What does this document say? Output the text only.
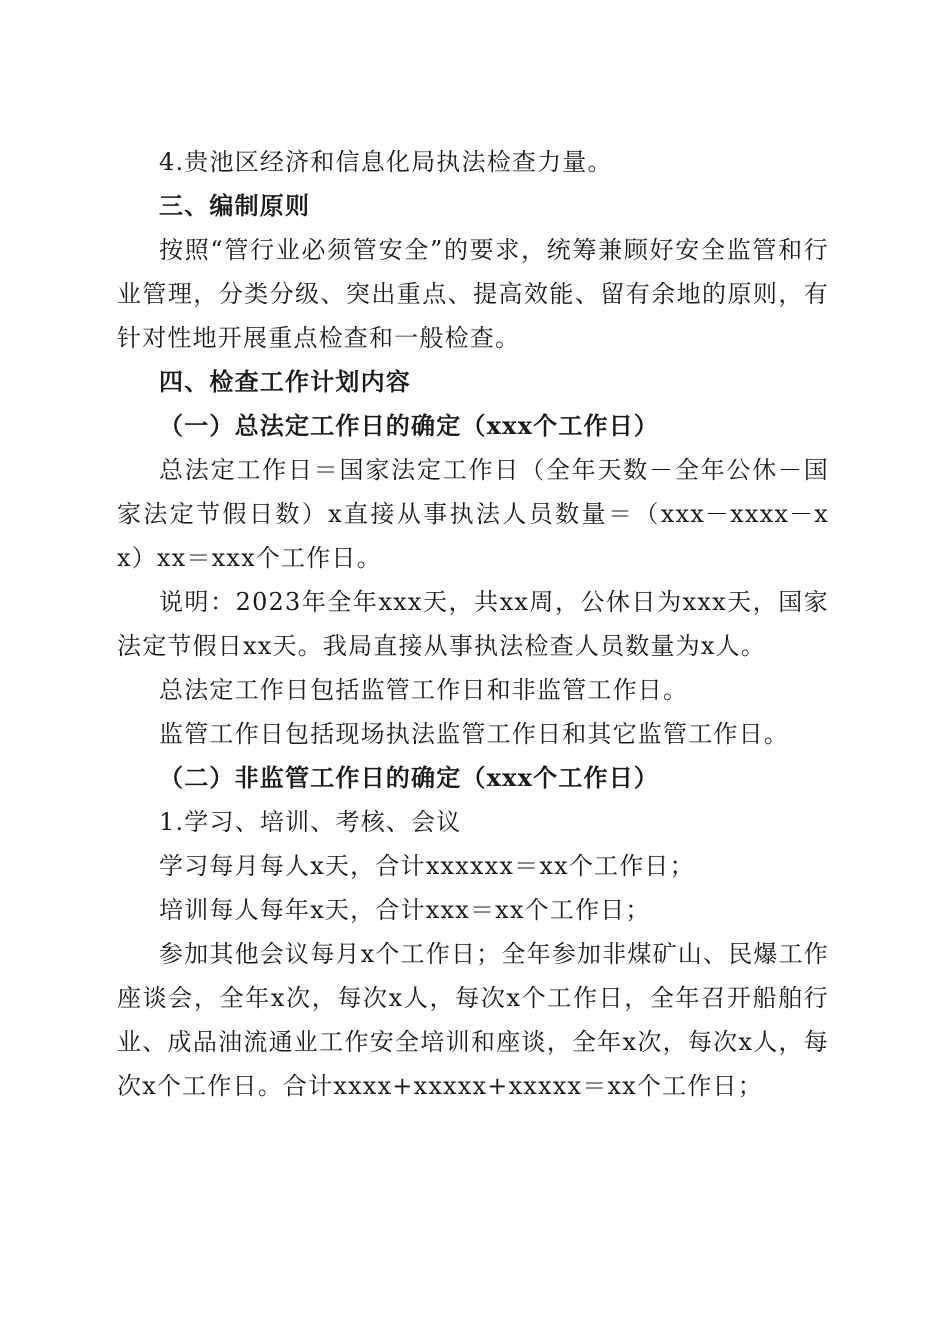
4.贵池区经济和信息化局执法检查力量。

三、编制原则

按照“管行业必须管安全”的要求，统筹兼顾好安全监管和行业管理，分类分级、突出重点、提高效能、留有余地的原则，有针对性地开展重点检查和一般检查。

四、检查工作计划内容

（一）总法定工作日的确定（xxx个工作日）

总法定工作日＝国家法定工作日（全年天数－全年公休－国家法定节假日数）x直接从事执法人员数量＝（xxx－xxxx－xx）xx＝xxx个工作日。

说明：2023年全年xxx天，共xx周，公休日为xxx天，国家法定节假日xx天。我局直接从事执法检查人员数量为x人。

总法定工作日包括监管工作日和非监管工作日。

监管工作日包括现场执法监管工作日和其它监管工作日。

（二）非监管工作日的确定（xxx个工作日）

1.学习、培训、考核、会议

学习每月每人x天，合计xxxxxx＝xx个工作日；

培训每人每年x天，合计xxx＝xx个工作日；

参加其他会议每月x个工作日；全年参加非煤矿山、民爆工作座谈会，全年x次，每次x人，每次x个工作日，全年召开船舶行业、成品油流通业工作安全培训和座谈，全年x次，每次x人，每次x个工作日。合计xxxx+xxxxx+xxxxx＝xx个工作日；
